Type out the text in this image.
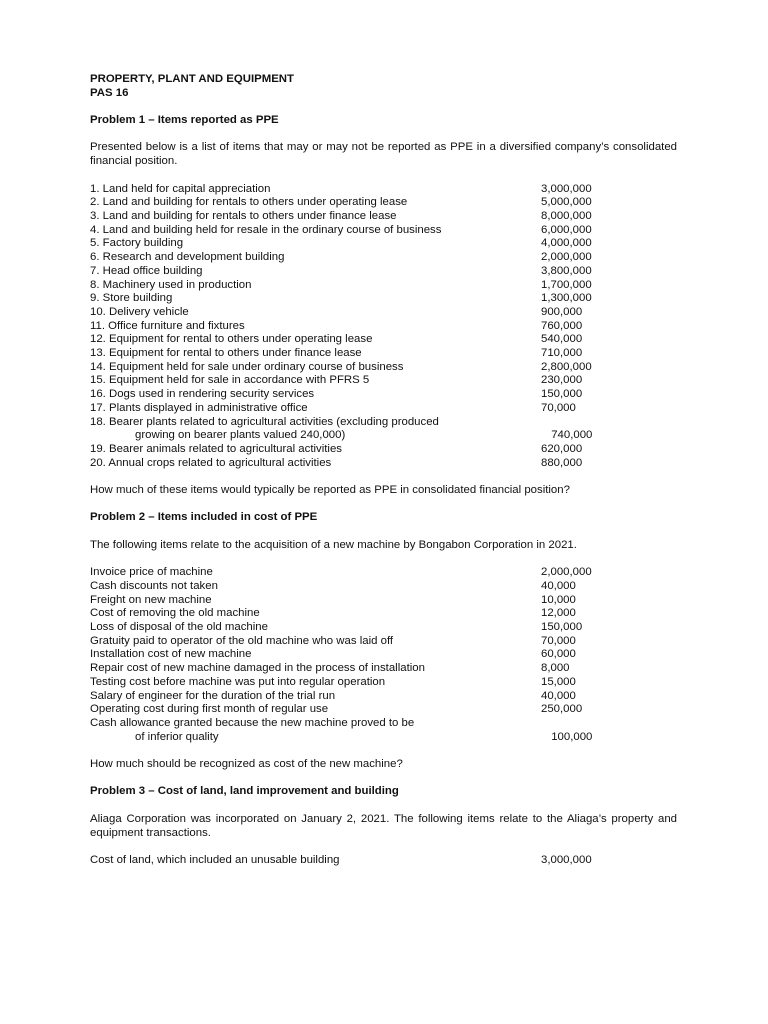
PROPERTY, PLANT AND EQUIPMENT
PAS 16
Problem 1 – Items reported as PPE
Presented below is a list of items that may or may not be reported as PPE in a diversified company’s consolidated financial position.
1. Land held for capital appreciation	3,000,000
2. Land and building for rentals to others under operating lease	5,000,000
3. Land and building for rentals to others under finance lease	8,000,000
4. Land and building held for resale in the ordinary course of business	6,000,000
5. Factory building	4,000,000
6. Research and development building	2,000,000
7. Head office building	3,800,000
8. Machinery used in production	1,700,000
9. Store building	1,300,000
10. Delivery vehicle	900,000
11. Office furniture and fixtures	760,000
12. Equipment for rental to others under operating lease	540,000
13. Equipment for rental to others under finance lease	710,000
14. Equipment held for sale under ordinary course of business	2,800,000
15. Equipment held for sale in accordance with PFRS 5	230,000
16. Dogs used in rendering security services	150,000
17. Plants displayed in administrative office	70,000
18. Bearer plants related to agricultural activities (excluding produced
growing on bearer plants valued 240,000)	740,000
19. Bearer animals related to agricultural activities	620,000
20. Annual crops related to agricultural activities	880,000
How much of these items would typically be reported as PPE in consolidated financial position?
Problem 2 – Items included in cost of PPE
The following items relate to the acquisition of a new machine by Bongabon Corporation in 2021.
Invoice price of machine	2,000,000
Cash discounts not taken	40,000
Freight on new machine	10,000
Cost of removing the old machine	12,000
Loss of disposal of the old machine	150,000
Gratuity paid to operator of the old machine who was laid off	70,000
Installation cost of new machine	60,000
Repair cost of new machine damaged in the process of installation	8,000
Testing cost before machine was put into regular operation	15,000
Salary of engineer for the duration of the trial run	40,000
Operating cost during first month of regular use	250,000
Cash allowance granted because the new machine proved to be
of inferior quality	100,000
How much should be recognized as cost of the new machine?
Problem 3 – Cost of land, land improvement and building
Aliaga Corporation was incorporated on January 2, 2021. The following items relate to the Aliaga’s property and equipment transactions.
Cost of land, which included an unusable building	3,000,000
